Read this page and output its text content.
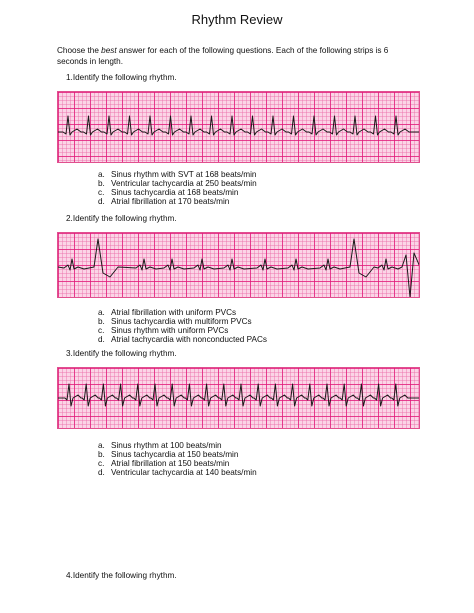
Rhythm Review
Choose the best answer for each of the following questions. Each of the following strips is 6 seconds in length.
1.Identify the following rhythm.
a. Sinus rhythm with SVT at 168 beats/min
b. Ventricular tachycardia at 250 beats/min
c. Sinus tachycardia at 168 beats/min
d. Atrial fibrillation at 170 beats/min
2.Identify the following rhythm.
a. Atrial fibrillation with uniform PVCs
b. Sinus tachycardia with multiform PVCs
c. Sinus rhythm with uniform PVCs
d. Atrial tachycardia with nonconducted PACs
3.Identify the following rhythm.
a. Sinus rhythm at 100 beats/min
b. Sinus tachycardia at 150 beats/min
c. Atrial fibrillation at 150 beats/min
d. Ventricular tachycardia at 140 beats/min
4.Identify the following rhythm.
